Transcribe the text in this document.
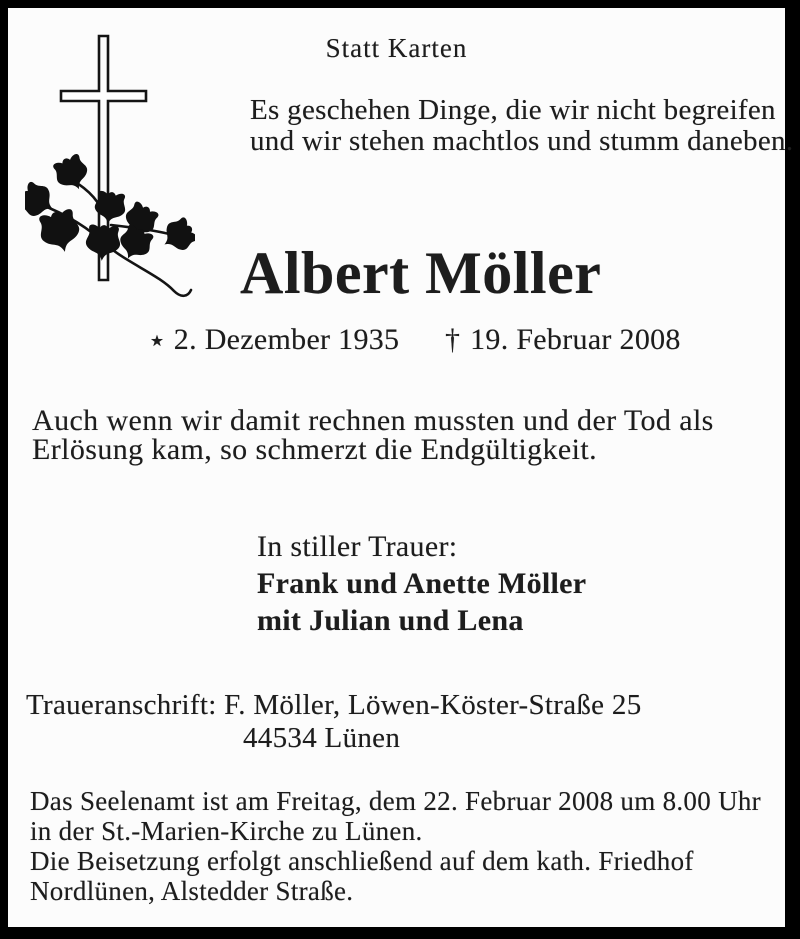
Statt Karten
Es geschehen Dinge, die wir nicht begreifen
und wir stehen machtlos und stumm daneben.
Albert Möller
★ 2. Dezember 1935 † 19. Februar 2008
Auch wenn wir damit rechnen mussten und der Tod als
Erlösung kam, so schmerzt die Endgültigkeit.
In stiller Trauer:
Frank und Anette Möller
mit Julian und Lena
Traueranschrift: F. Möller, Löwen-Köster-Straße 25
44534 Lünen
Das Seelenamt ist am Freitag, dem 22. Februar 2008 um 8.00 Uhr
in der St.-Marien-Kirche zu Lünen.
Die Beisetzung erfolgt anschließend auf dem kath. Friedhof
Nordlünen, Alstedder Straße.
